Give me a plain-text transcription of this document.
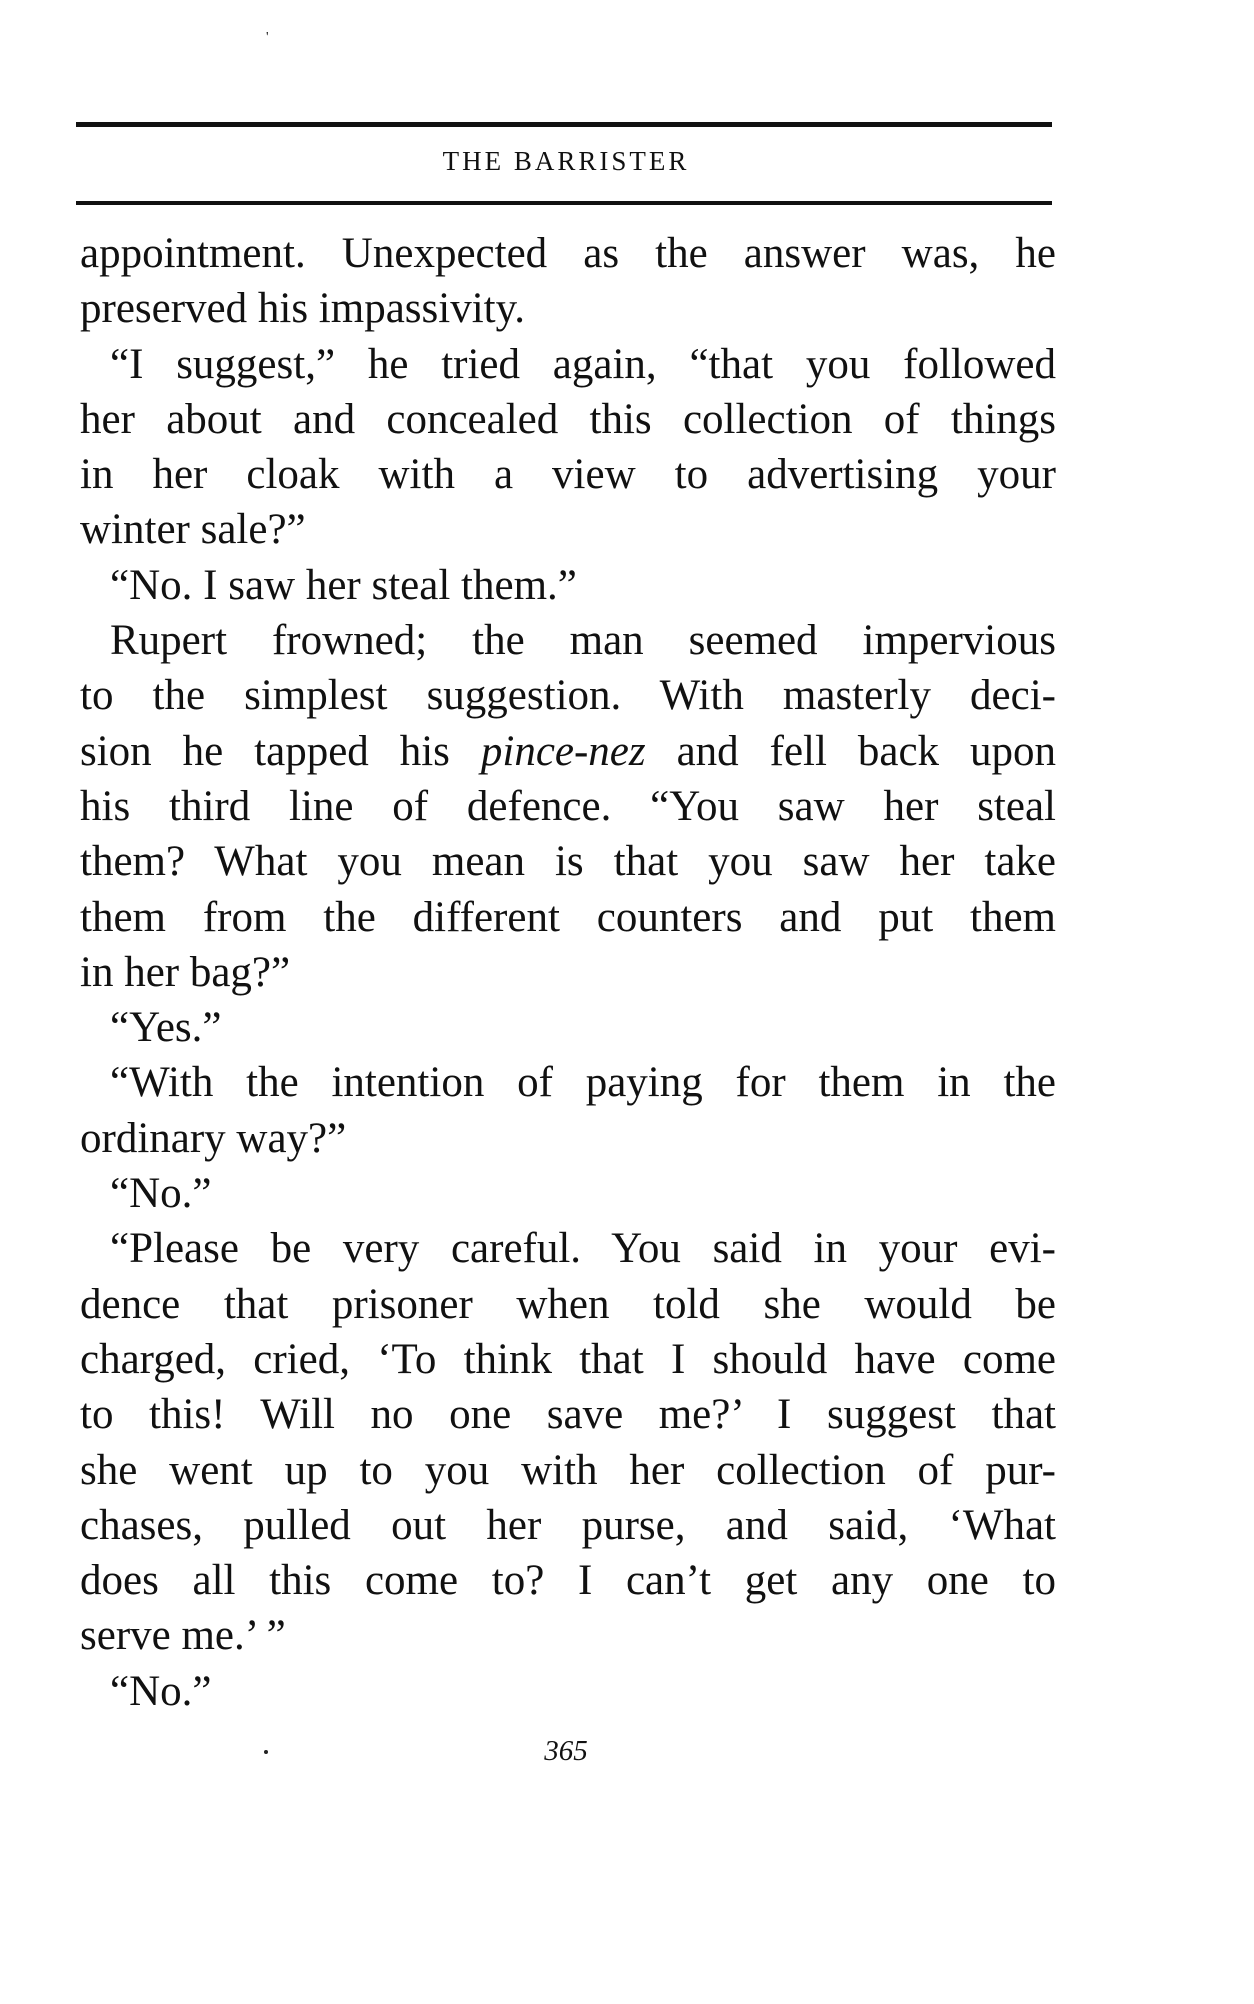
'
THE BARRISTER
appointment. Unexpected as the answer was, he
preserved his impassivity.
“I suggest,” he tried again, “that you followed
her about and concealed this collection of things
in her cloak with a view to advertising your
winter sale?”
“No. I saw her steal them.”
Rupert frowned; the man seemed impervious
to the simplest suggestion. With masterly deci-
sion he tapped his pince-nez and fell back upon
his third line of defence. “You saw her steal
them? What you mean is that you saw her take
them from the different counters and put them
in her bag?”
“Yes.”
“With the intention of paying for them in the
ordinary way?”
“No.”
“Please be very careful. You said in your evi-
dence that prisoner when told she would be
charged, cried, ‘To think that I should have come
to this! Will no one save me?’ I suggest that
she went up to you with her collection of pur-
chases, pulled out her purse, and said, ‘What
does all this come to? I can’t get any one to
serve me.’ ”
“No.”
365
